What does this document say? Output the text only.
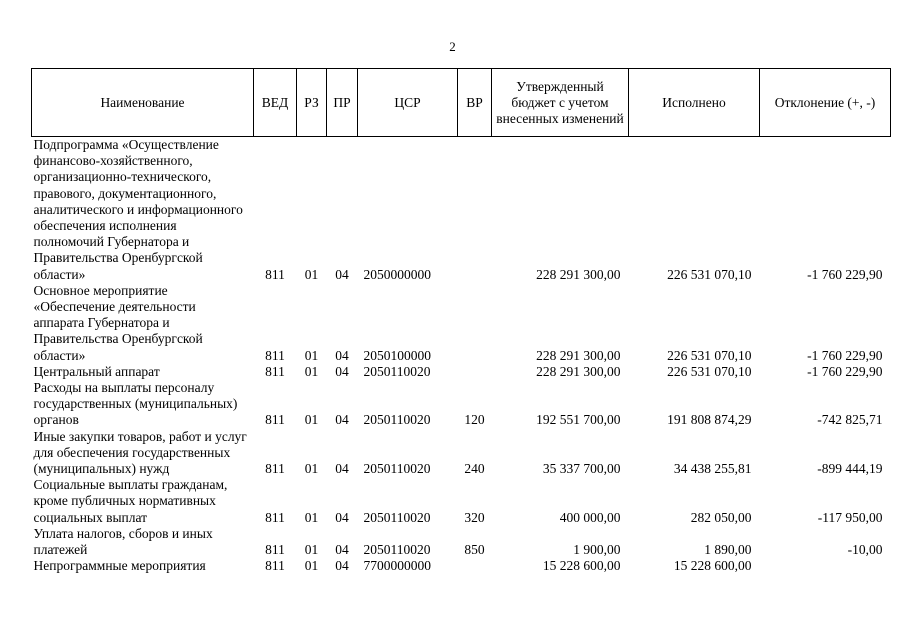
2
Наименование	ВЕД	РЗ	ПР	ЦСР	ВР	Утвержденный бюджет с учетом внесенных изменений	Исполнено	Отклонение (+, -)
Подпрограмма «Осуществление финансово-хозяйственного, организационно-технического, правового, документационного, аналитического и информационного обеспечения исполнения полномочий Губернатора и Правительства Оренбургской области»	811	01	04	2050000000		228 291 300,00	226 531 070,10	-1 760 229,90
Основное мероприятие «Обеспечение деятельности аппарата Губернатора и Правительства Оренбургской области»	811	01	04	2050100000		228 291 300,00	226 531 070,10	-1 760 229,90
Центральный аппарат	811	01	04	2050110020		228 291 300,00	226 531 070,10	-1 760 229,90
Расходы на выплаты персоналу государственных (муниципальных) органов	811	01	04	2050110020	120	192 551 700,00	191 808 874,29	-742 825,71
Иные закупки товаров, работ и услуг для обеспечения государственных (муниципальных) нужд	811	01	04	2050110020	240	35 337 700,00	34 438 255,81	-899 444,19
Социальные выплаты гражданам, кроме публичных нормативных социальных выплат	811	01	04	2050110020	320	400 000,00	282 050,00	-117 950,00
Уплата налогов, сборов и иных платежей	811	01	04	2050110020	850	1 900,00	1 890,00	-10,00
Непрограммные мероприятия	811	01	04	7700000000		15 228 600,00	15 228 600,00	
